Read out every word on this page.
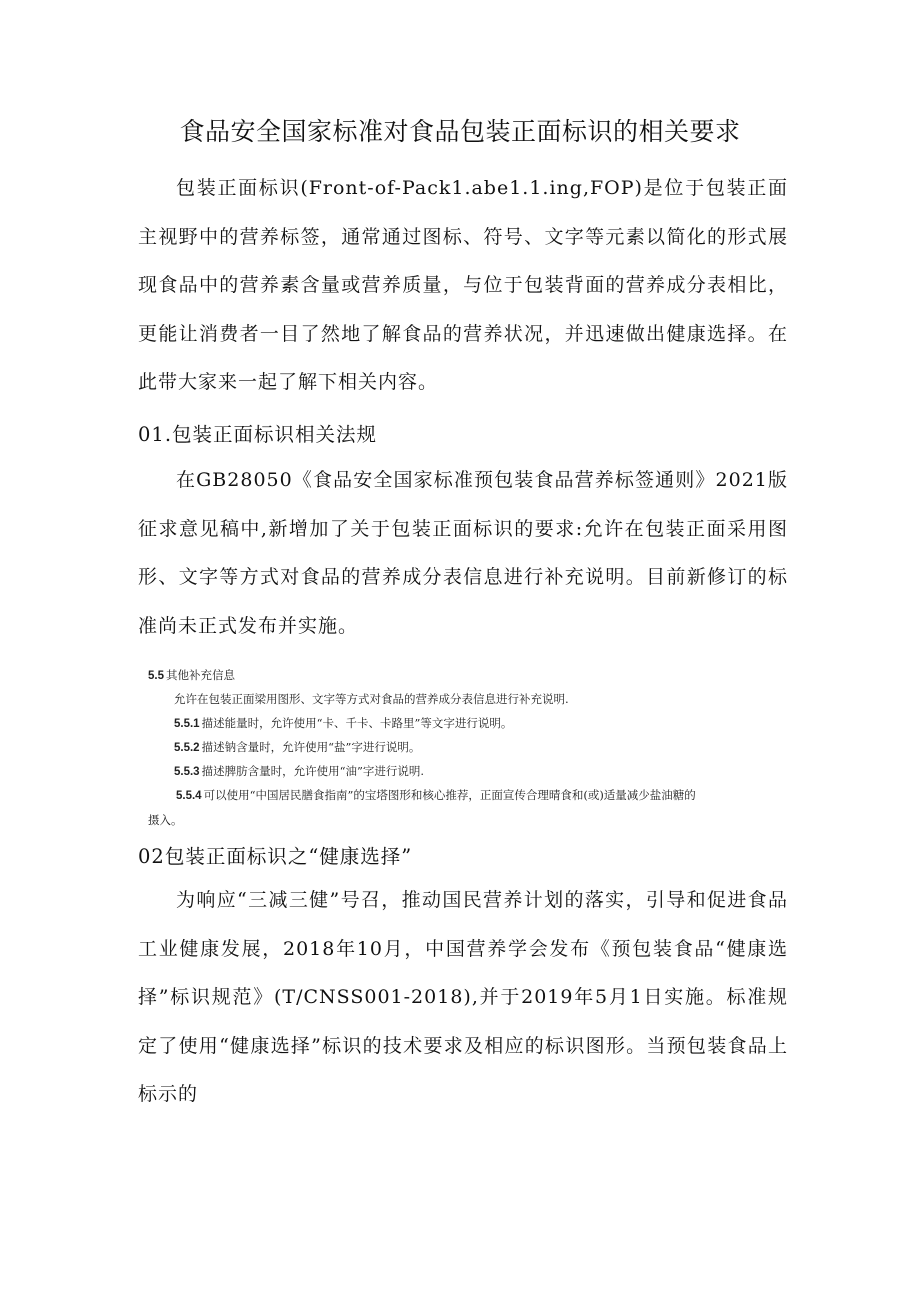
食品安全国家标准对食品包装正面标识的相关要求

包装正面标识(Front-of-Pack1.abe1.1.ing,FOP)是位于包装正面主视野中的营养标签，通常通过图标、符号、文字等元素以简化的形式展现食品中的营养素含量或营养质量，与位于包装背面的营养成分表相比，更能让消费者一目了然地了解食品的营养状况，并迅速做出健康选择。在此带大家来一起了解下相关内容。

01.包装正面标识相关法规

在GB28050《食品安全国家标准预包装食品营养标签通则》2021版征求意见稿中,新增加了关于包装正面标识的要求:允许在包装正面采用图形、文字等方式对食品的营养成分表信息进行补充说明。目前新修订的标准尚未正式发布并实施。

5.5 其他补充信息
允许在包装正面梁用图形、文字等方式对食品的营养成分表信息进行补充说明.
5.5.1 描述能量时，允许使用“卡、千卡、卡路里”等文字进行说明。
5.5.2 描述钠含量时，允许使用“盐”字进行说明。
5.5.3 描述脾肪含量时，允许使用“油”字进行说明.
5.5.4 可以使用“中国居民膳食指南”的宝塔图形和核心推荐，正面宣传合理晴食和(或)适量减少盐油糖的
摄入。
02包装正面标识之“健康选择”

为响应“三减三健”号召，推动国民营养计划的落实，引导和促进食品工业健康发展，2018年10月，中国营养学会发布《预包装食品“健康选择”标识规范》(T/CNSS001-2018),并于2019年5月1日实施。标准规定了使用“健康选择”标识的技术要求及相应的标识图形。当预包装食品上标示的
